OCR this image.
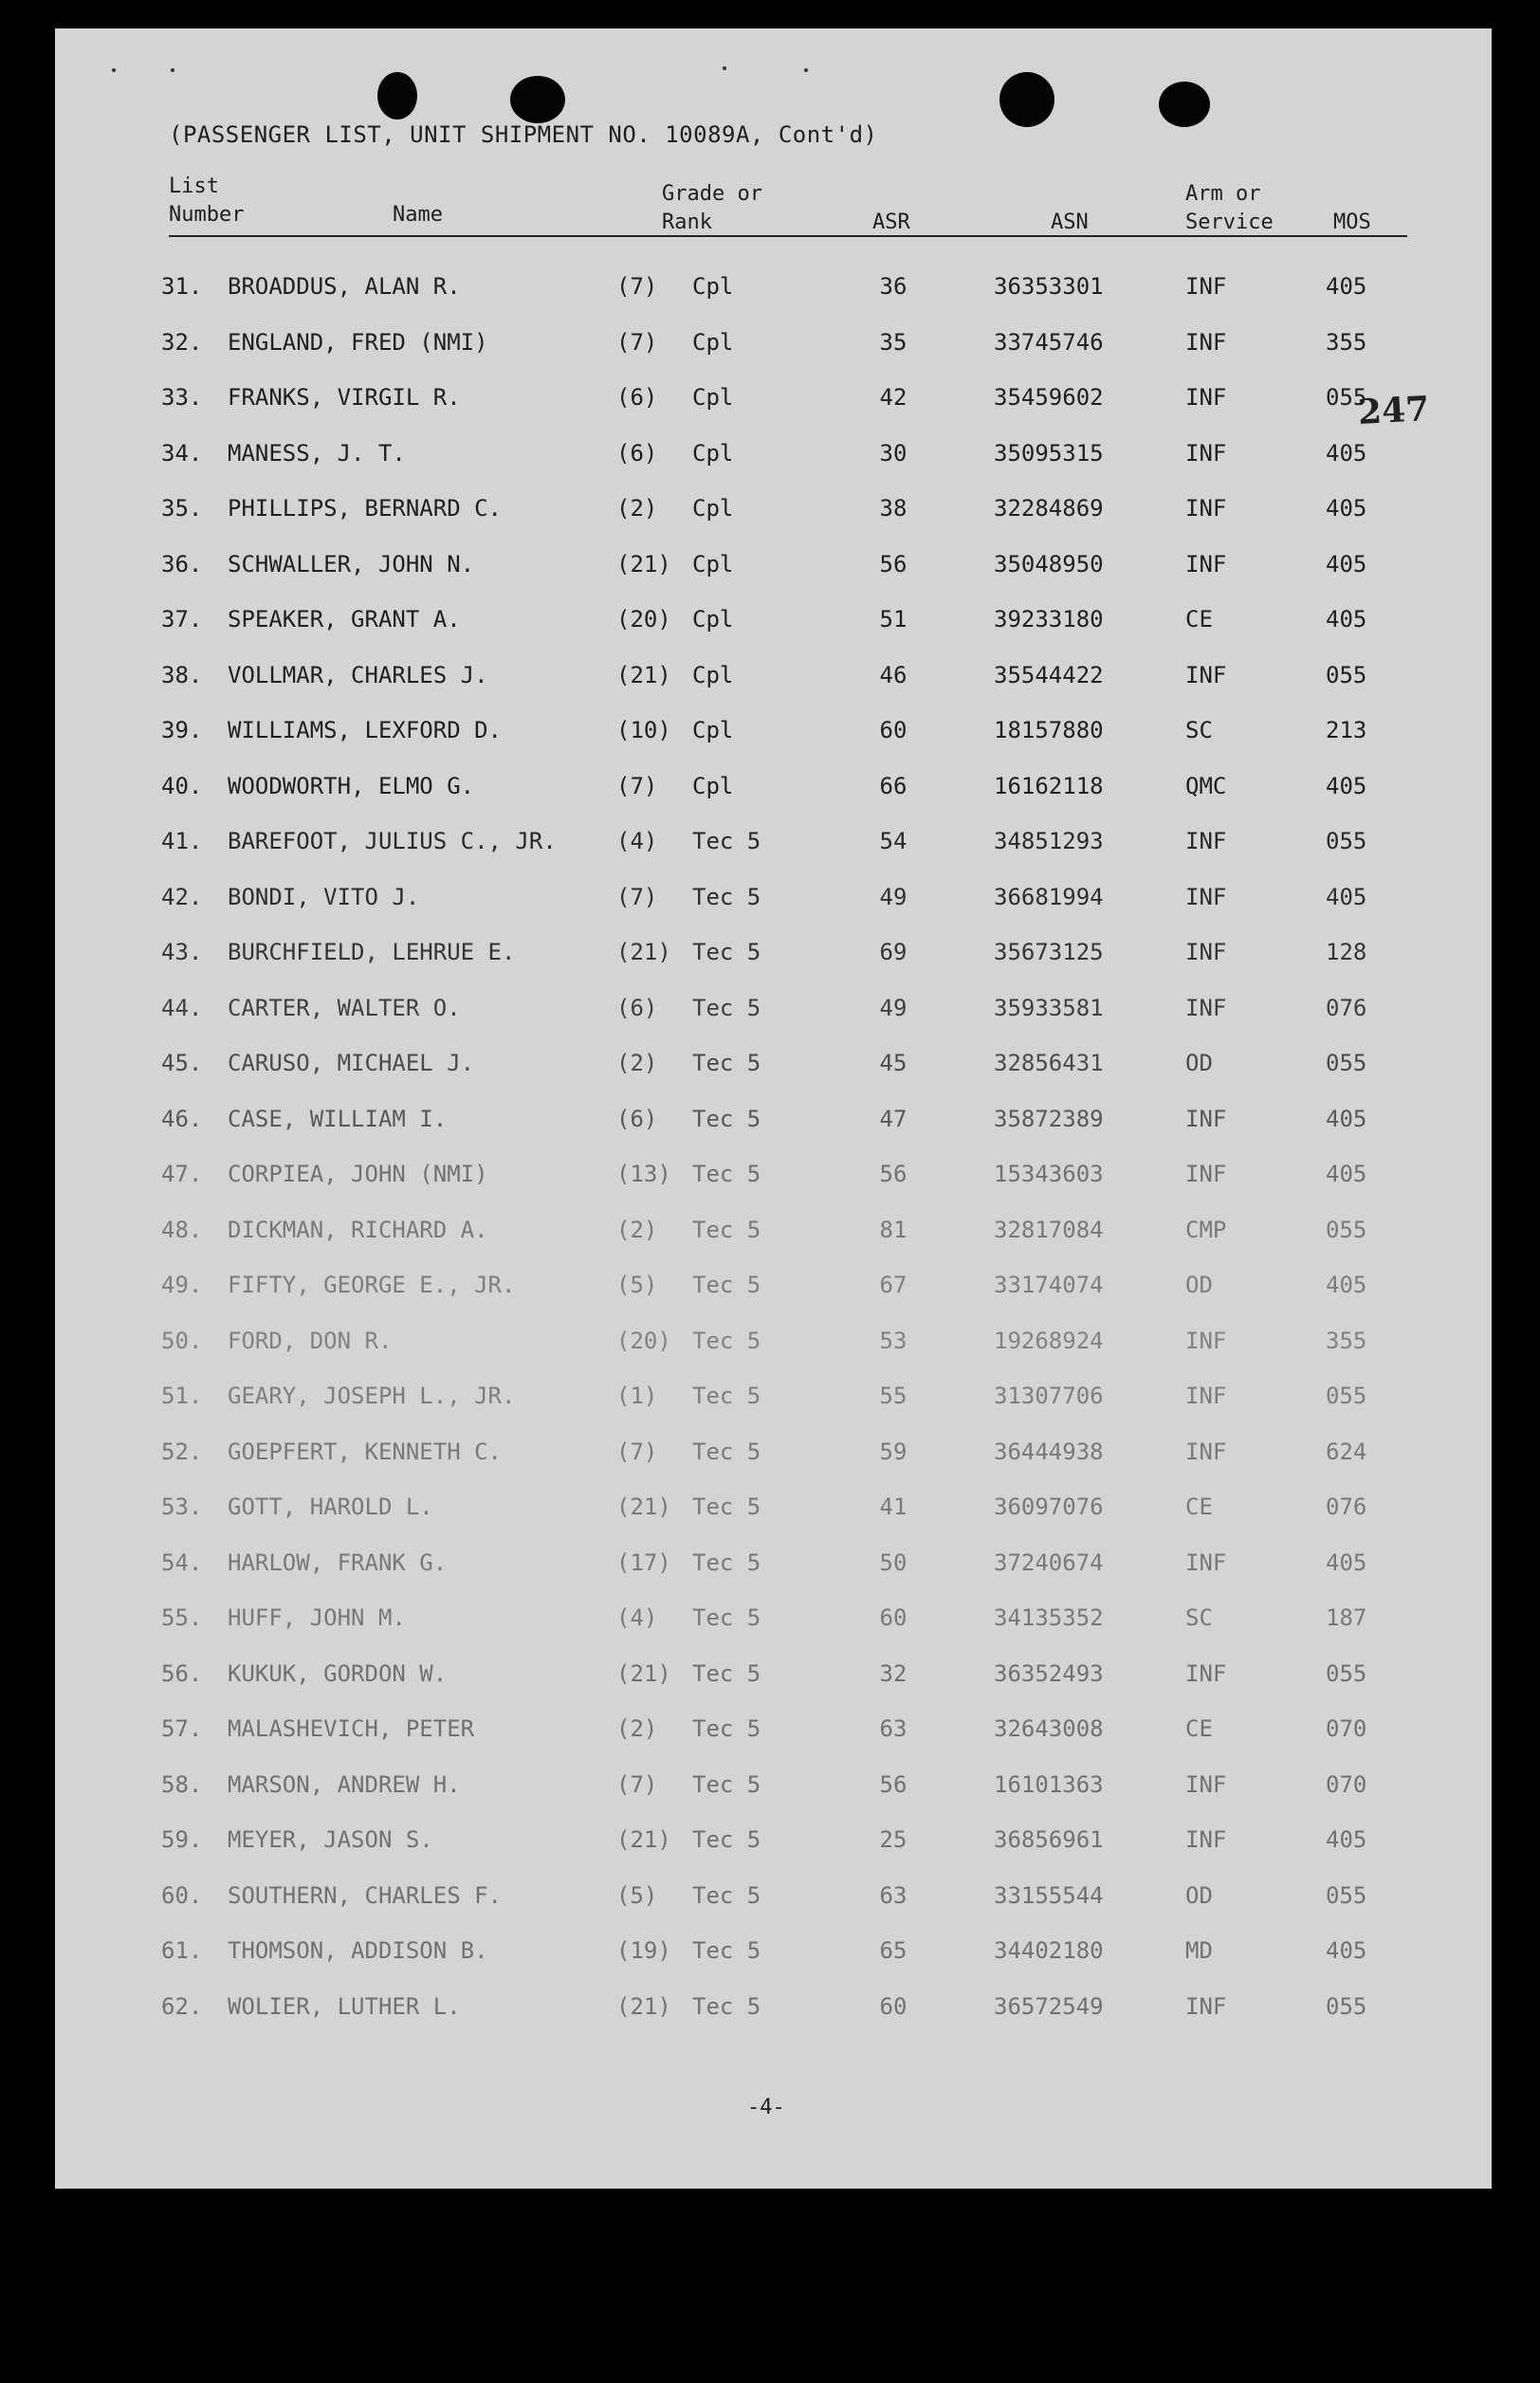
(PASSENGER LIST, UNIT SHIPMENT NO. 10089A, Cont'd)
247
List
Number	Name
Grade or
Rank	ASR	ASN
Arm or
Service	MOS
31. BROADDUS, ALAN R.	(7) Cpl	36	36353301	INF	405
32. ENGLAND, FRED (NMI)	(7) Cpl	35	33745746	INF	355
33. FRANKS, VIRGIL R.	(6) Cpl	42	35459602	INF	055
34. MANESS, J. T.	(6) Cpl	30	35095315	INF	405
35. PHILLIPS, BERNARD C.	(2) Cpl	38	32284869	INF	405
36. SCHWALLER, JOHN N.	(21) Cpl	56	35048950	INF	405
37. SPEAKER, GRANT A.	(20) Cpl	51	39233180	CE	405
38. VOLLMAR, CHARLES J.	(21) Cpl	46	35544422	INF	055
39. WILLIAMS, LEXFORD D.	(10) Cpl	60	18157880	SC	213
40. WOODWORTH, ELMO G.	(7) Cpl	66	16162118	QMC	405
41. BAREFOOT, JULIUS C., JR.	(4) Tec 5	54	34851293	INF	055
42. BONDI, VITO J.	(7) Tec 5	49	36681994	INF	405
43. BURCHFIELD, LEHRUE E.	(21) Tec 5	69	35673125	INF	128
44. CARTER, WALTER O.	(6) Tec 5	49	35933581	INF	076
45. CARUSO, MICHAEL J.	(2) Tec 5	45	32856431	OD	055
46. CASE, WILLIAM I.	(6) Tec 5	47	35872389	INF	405
47. CORPIEA, JOHN (NMI)	(13) Tec 5	56	15343603	INF	405
48. DICKMAN, RICHARD A.	(2) Tec 5	81	32817084	CMP	055
49. FIFTY, GEORGE E., JR.	(5) Tec 5	67	33174074	OD	405
50. FORD, DON R.	(20) Tec 5	53	19268924	INF	355
51. GEARY, JOSEPH L., JR.	(1) Tec 5	55	31307706	INF	055
52. GOEPFERT, KENNETH C.	(7) Tec 5	59	36444938	INF	624
53. GOTT, HAROLD L.	(21) Tec 5	41	36097076	CE	076
54. HARLOW, FRANK G.	(17) Tec 5	50	37240674	INF	405
55. HUFF, JOHN M.	(4) Tec 5	60	34135352	SC	187
56. KUKUK, GORDON W.	(21) Tec 5	32	36352493	INF	055
57. MALASHEVICH, PETER	(2) Tec 5	63	32643008	CE	070
58. MARSON, ANDREW H.	(7) Tec 5	56	16101363	INF	070
59. MEYER, JASON S.	(21) Tec 5	25	36856961	INF	405
60. SOUTHERN, CHARLES F.	(5) Tec 5	63	33155544	OD	055
61. THOMSON, ADDISON B.	(19) Tec 5	65	34402180	MD	405
62. WOLIER, LUTHER L.	(21) Tec 5	60	36572549	INF	055
-4-
